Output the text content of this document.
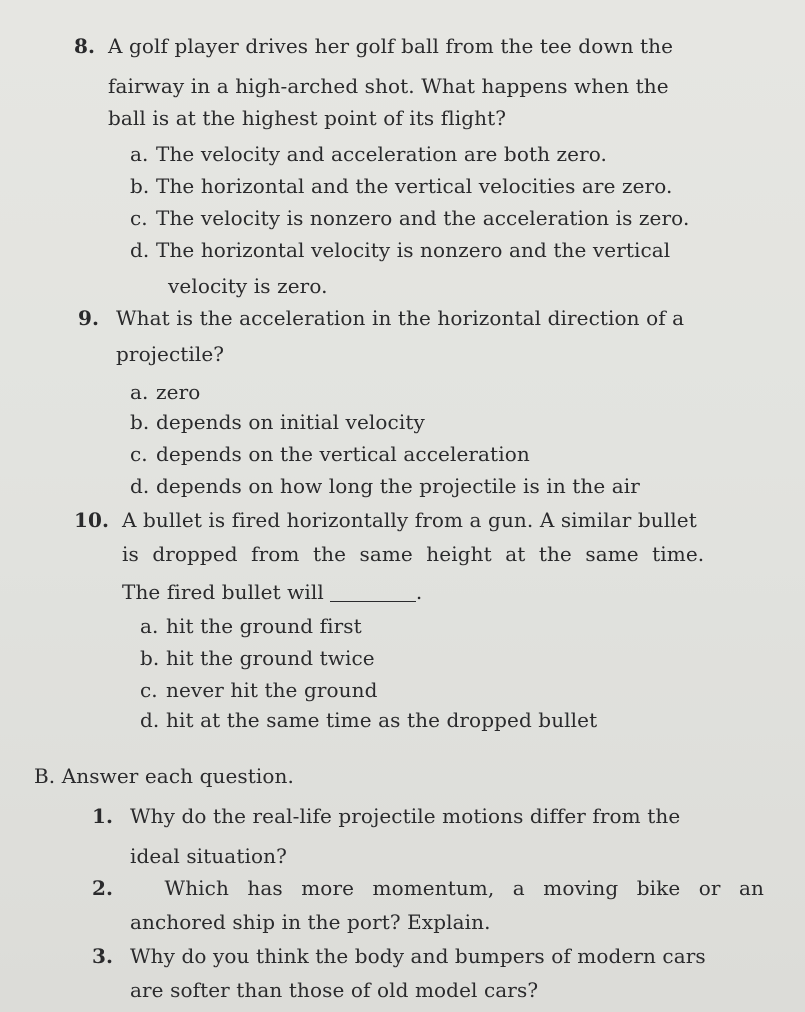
8. A golf player drives her golf ball from the tee down the
fairway in a high-arched shot. What happens when the
ball is at the highest point of its flight?
a. The velocity and acceleration are both zero.
b. The horizontal and the vertical velocities are zero.
c. The velocity is nonzero and the acceleration is zero.
d. The horizontal velocity is nonzero and the vertical
velocity is zero.
9. What is the acceleration in the horizontal direction of a
projectile?
a. zero
b. depends on initial velocity
c. depends on the vertical acceleration
d. depends on how long the projectile is in the air
10. A bullet is fired horizontally from a gun. A similar bullet
is dropped from the same height at the same time.
The fired bullet will	.
a. hit the ground first
b. hit the ground twice
c. never hit the ground
d. hit at the same time as the dropped bullet
B. Answer each question.
1. Why do the real-life projectile motions differ from the
ideal situation?
2.	Which has more momentum, a moving bike or an
anchored ship in the port? Explain.
3. Why do you think the body and bumpers of modern cars
are softer than those of old model cars?
